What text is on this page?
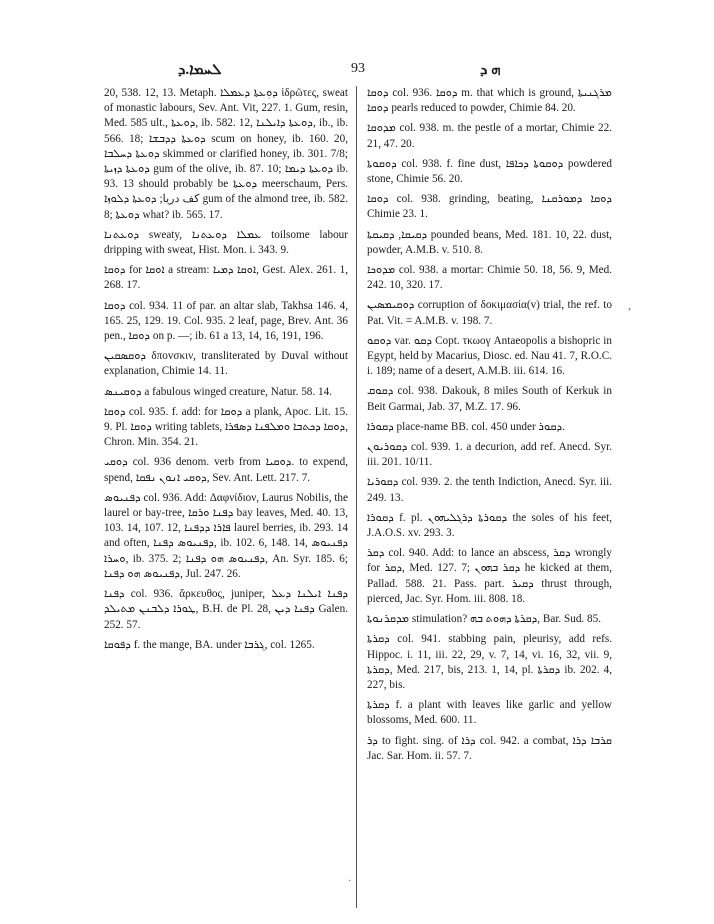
ܠܚܡܐ.ܕ	93	ܗ ܕ

20, 538. 12, 13. Metaph. ܕܘܼܥܬܐ ܕܥܡܠܐ ἱδρῶτες, sweat of monastic labours, Sev. Ant. Vit, 227. 1. Gum, resin, Med. 585 ult., ܕܘܥܬܐ, ib. 582. 12, ܕܘܥܬܐ ܕܐܝܠܢܐ, ib., ib. 566. 18; ܕܘܥܬܐ ܕܕܒܫܐ scum on honey, ib. 160. 20, ܕܘܥܬܐ ܕܚܠܒܐ skimmed or clarified honey, ib. 301. 7/8; ܕܘܥܬܐ ܕܙܝܬܐ gum of the olive, ib. 87. 10; ܕܘܥܬܐ ܕܝܡܐ ib. 93. 13 should probably be ܕܘܥܬܐ meerschaum, Pers. كف دريا; ܕܘܥܬܐ ܕܠܘܙܐ gum of the almond tree, ib. 582. 8; ܕܘܥܬܐ what? ib. 565. 17.

ܕܘܥܬܢܐ sweaty, ܥܡܠܐ ܕܘܥܬܢܐ toilsome labour dripping with sweat, Hist. Mon. i. 343. 9.

ܕܘܩܐ for ܐܘܩܐ a stream: ܐܘܩܐ ܕܡܝܐ, Gest. Alex. 261. 1, 268. 17.

ܕܘܩܐ col. 934. 11 of par. an altar slab, Takhsa 146. 4, 165. 25, 129. 19. Col. 935. 2 leaf, page, Brev. Ant. 36 pen., ܕܘܩܐ on p. —; ib. 61 a 13, 14, 16, 191, 196.

ܕܘܩܣܩܝܢ δποvσκιν, transliterated by Duval without explanation, Chimie 14. 11.

ܕܘܩܝܢܣ a fabulous winged creature, Natur. 58. 14.

ܕܘܩܐ col. 935. f. add: for ܕܘܩܐ a plank, Apoc. Lit. 15. 9. Pl. ܕܘܩܐ writing tablets, ܕܘܩܐ ܕܟܬܒܐ ܘܡܠܦܢܐ ܕܣܦܪܐ, Chron. Min. 354. 21.

ܕܘܩܝ col. 936 denom. verb from ܕܘܩܝܐ. to expend, spend, ܕܘܩܝ ܐܢܘܢ ܢܦܩܐ, Sev. Ant. Lett. 217. 7.

ܕܦܢܝܘܣ col. 936. Add: Δαφνίδιον, Laurus Nobilis, the laurel or bay-tree, ܕܦܢܐ ܘܪܩܐ bay leaves, Med. 40. 13, 103. 14, 107. 12, ܦܐܪܐ ܕܕܦܢܐ laurel berries, ib. 293. 14 and often, ܕܦܢܝܘܣ ܕܦܢܐ, ib. 102. 6, 148. 14, ܕܦܢܝܘܣ ܘܚܪܐ, ib. 375. 2; ܕܦܢܝܘܣ ܗܘ ܕܦܢܐ, An. Syr. 185. 6; ܕܦܢܝܘܣ ܗܘ ܕܦܢܐ, Jul. 247. 26.

ܕܦܢܐ col. 936. ἄρκευθος, juniper, ܕܦܢܐ ܐܝܠܢܐ ܕܥܠ ܛܘܪܐ ܕܠܒܢܢ ܡܬܝܠܕ, B.H. de Pl. 28, ܕܦܢܐ ܕܝܢ Galen. 252. 57.

ܕܦܘܩܐ f. the mange, BA. under ܓܪܒܐ, col. 1265.

ܕܘܩܐ col. 936. ܕܘܩܐ m. that which is ground, ܡܪܓܢܝܬܐ ܕܘܩܐ pearls reduced to powder, Chimie 84. 20.

ܡܕܘܩܐ col. 938. m. the pestle of a mortar, Chimie 22. 21, 47. 20.

ܕܘܩܘܬܐ col. 938. f. fine dust, ܕܘܩܘܬܐ ܕܟܐܦܐ powdered stone, Chimie 56. 20.

ܕܘܩܐ col. 938. grinding, beating, ܕܘܩܐ ܕܡܘܪܩܢܐ Chimie 23. 1.

ܕܩܝܩܐ, ܕܩܝܩܬܐ pounded beans, Med. 181. 10, 22. dust, powder, A.M.B. v. 510. 8.

ܡܕܘܟܐ col. 938. a mortar: Chimie 50. 18, 56. 9, Med. 242. 10, 320. 17.

ܕܘܩܝܡܣܝܢ corruption of δοκιμασία(v) trial, the ref. to Pat. Vit. = A.M.B. v. 198. 7.

ܕܘܩܘ var. ܕܩܘ Copt. τκωογ Antaeopolis a bishopric in Egypt, held by Macarius, Diosc. ed. Nau 41. 7, R.O.C. i. 189; name of a desert, A.M.B. iii. 614. 16.

ܕܩܘܩ col. 938. Dakouk, 8 miles South of Kerkuk in Beit Garmai, Jab. 37, M.Z. 17. 96.

ܕܩܘܪܐ place-name BB. col. 450 under ܕܩܘܪ.

ܕܩܘܪܝܘܢ col. 939. 1. a decurion, add ref. Anecd. Syr. iii. 201. 10/11.

ܕܩܘܪܝܐ col. 939. 2. the tenth Indiction, Anecd. Syr. iii. 249. 13.

ܕܩܘܪܐ f. pl. ܕܩܘܪܬܐ ܕܪܓܠܝܗܘܢ the soles of his feet, J.A.O.S. xv. 293. 3.

ܕܩܪ col. 940. Add: to lance an abscess, ܕܩܪ wrongly for ܕܩܪ, Med. 127. 7; ܕܩܪ ܒܗܘܢ he kicked at them, Pallad. 588. 21. Pass. part. ܕܩܝܪ thrust through, pierced, Jac. Syr. Hom. iii. 808. 18.

ܡܕܩܪܢܘܬܐ stimulation? ܕܩܪܬܐ ܕܗܘܬ ܒܗ, Bar. Sud. 85.

ܕܩܪܬܐ col. 941. stabbing pain, pleurisy, add refs. Hippoc. i. 11, iii. 22, 29, v. 7, 14, vi. 16, 32, vii. 9, ܕܩܪܬܐ, Med. 217, bis, 213. 1, 14, pl. ܕܩܪܬܐ ib. 202. 4, 227, bis.

ܕܩܪܬܐ f. a plant with leaves like garlic and yellow blossoms, Med. 600. 11.

ܕܪ to fight. sing. of ܕܪܐ col. 942. a combat, ܩܪܒܐ ܕܪܐ Jac. Sar. Hom. ii. 57. 7.

,
·
